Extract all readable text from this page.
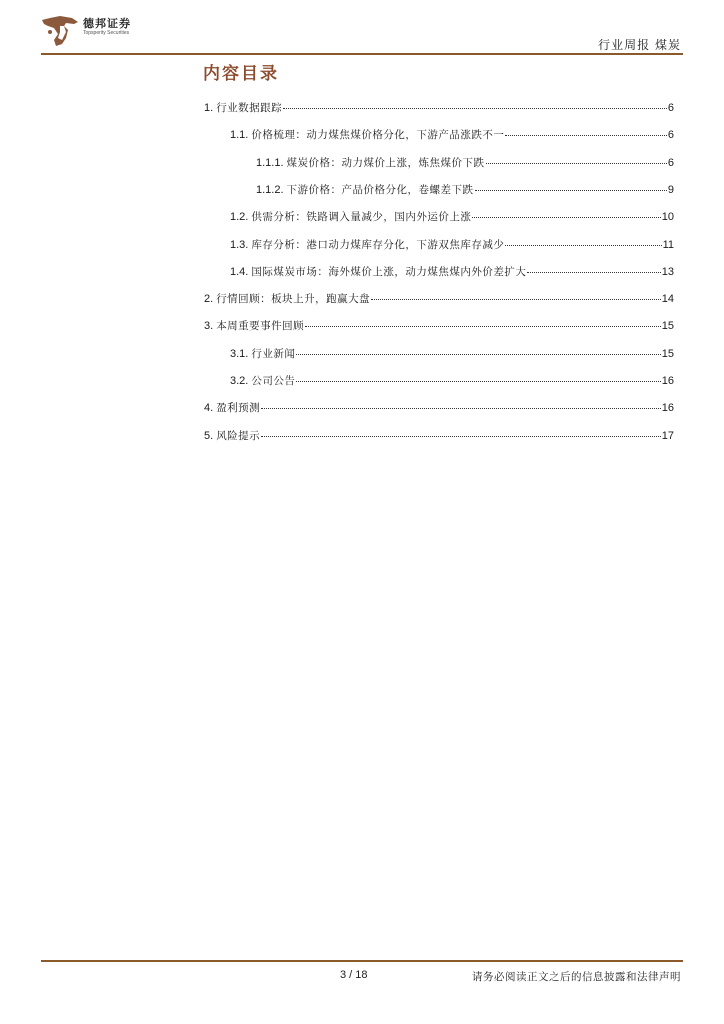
德邦证券
Topsperity Securities
行业周报 煤炭
内容目录
1. 行业数据跟踪	6
1.1. 价格梳理：动力煤焦煤价格分化，下游产品涨跌不一	6
1.1.1. 煤炭价格：动力煤价上涨，炼焦煤价下跌	6
1.1.2. 下游价格：产品价格分化，卷螺差下跌	9
1.2. 供需分析：铁路调入量减少，国内外运价上涨	10
1.3. 库存分析：港口动力煤库存分化，下游双焦库存减少	11
1.4. 国际煤炭市场：海外煤价上涨，动力煤焦煤内外价差扩大	13
2. 行情回顾：板块上升，跑赢大盘	14
3. 本周重要事件回顾	15
3.1. 行业新闻	15
3.2. 公司公告	16
4. 盈利预测	16
5. 风险提示	17
3 / 18	请务必阅读正文之后的信息披露和法律声明
